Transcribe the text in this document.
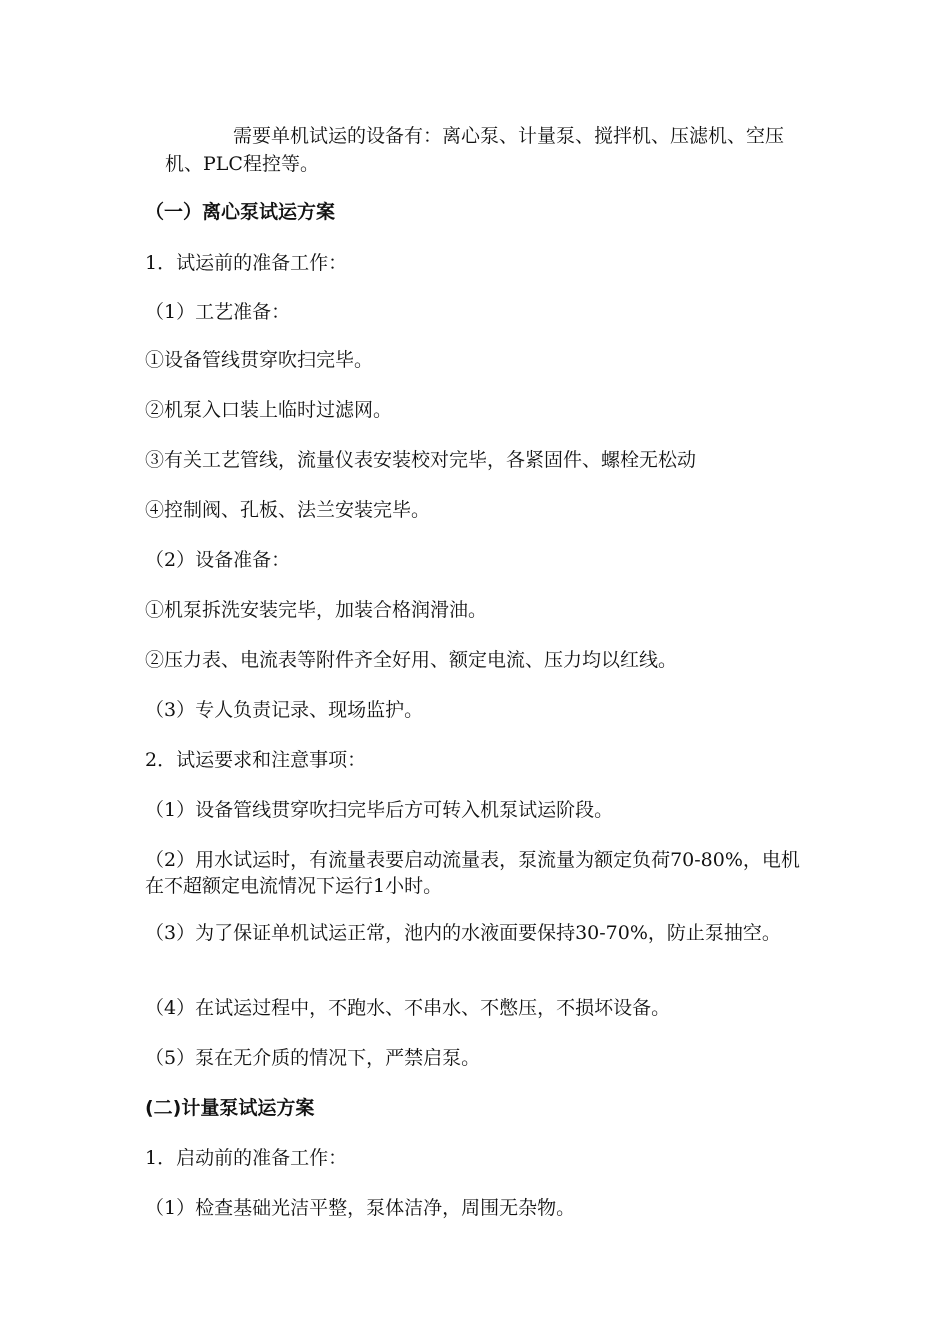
需要单机试运的设备有：离心泵、计量泵、搅拌机、压滤机、空压机、PLC程控等。
（一）离心泵试运方案
1．试运前的准备工作：
（1）工艺准备：
①设备管线贯穿吹扫完毕。
②机泵入口装上临时过滤网。
③有关工艺管线，流量仪表安装校对完毕，各紧固件、螺栓无松动
④控制阀、孔板、法兰安装完毕。
（2）设备准备：
①机泵拆洗安装完毕，加装合格润滑油。
②压力表、电流表等附件齐全好用、额定电流、压力均以红线。
（3）专人负责记录、现场监护。
2．试运要求和注意事项：
（1）设备管线贯穿吹扫完毕后方可转入机泵试运阶段。
（2）用水试运时，有流量表要启动流量表，泵流量为额定负荷70-80%，电机在不超额定电流情况下运行1小时。
（3）为了保证单机试运正常，池内的水液面要保持30-70%，防止泵抽空。
（4）在试运过程中，不跑水、不串水、不憋压，不损坏设备。
（5）泵在无介质的情况下，严禁启泵。
(二)计量泵试运方案
1．启动前的准备工作：
（1）检查基础光洁平整，泵体洁净，周围无杂物。
